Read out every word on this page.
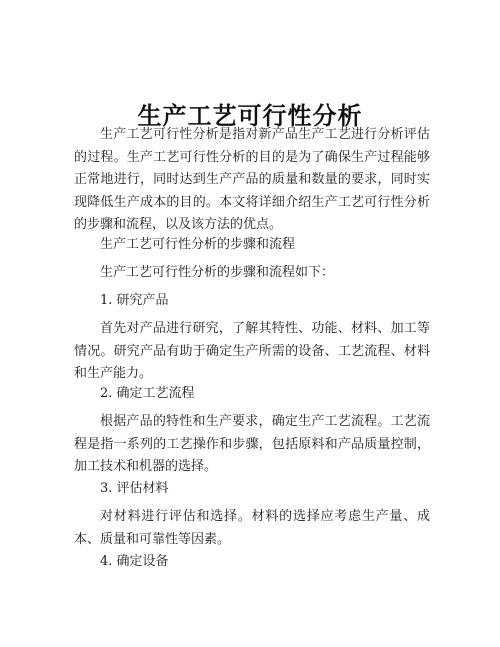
生产工艺可行性分析

生产工艺可行性分析是指对新产品生产工艺进行分析评估的过程。生产工艺可行性分析的目的是为了确保生产过程能够正常地进行，同时达到生产产品的质量和数量的要求，同时实现降低生产成本的目的。本文将详细介绍生产工艺可行性分析的步骤和流程，以及该方法的优点。

生产工艺可行性分析的步骤和流程

生产工艺可行性分析的步骤和流程如下：

1. 研究产品

首先对产品进行研究，了解其特性、功能、材料、加工等情况。研究产品有助于确定生产所需的设备、工艺流程、材料和生产能力。

2. 确定工艺流程

根据产品的特性和生产要求，确定生产工艺流程。工艺流程是指一系列的工艺操作和步骤，包括原料和产品质量控制，加工技术和机器的选择。

3. 评估材料

对材料进行评估和选择。材料的选择应考虑生产量、成本、质量和可靠性等因素。

4. 确定设备
